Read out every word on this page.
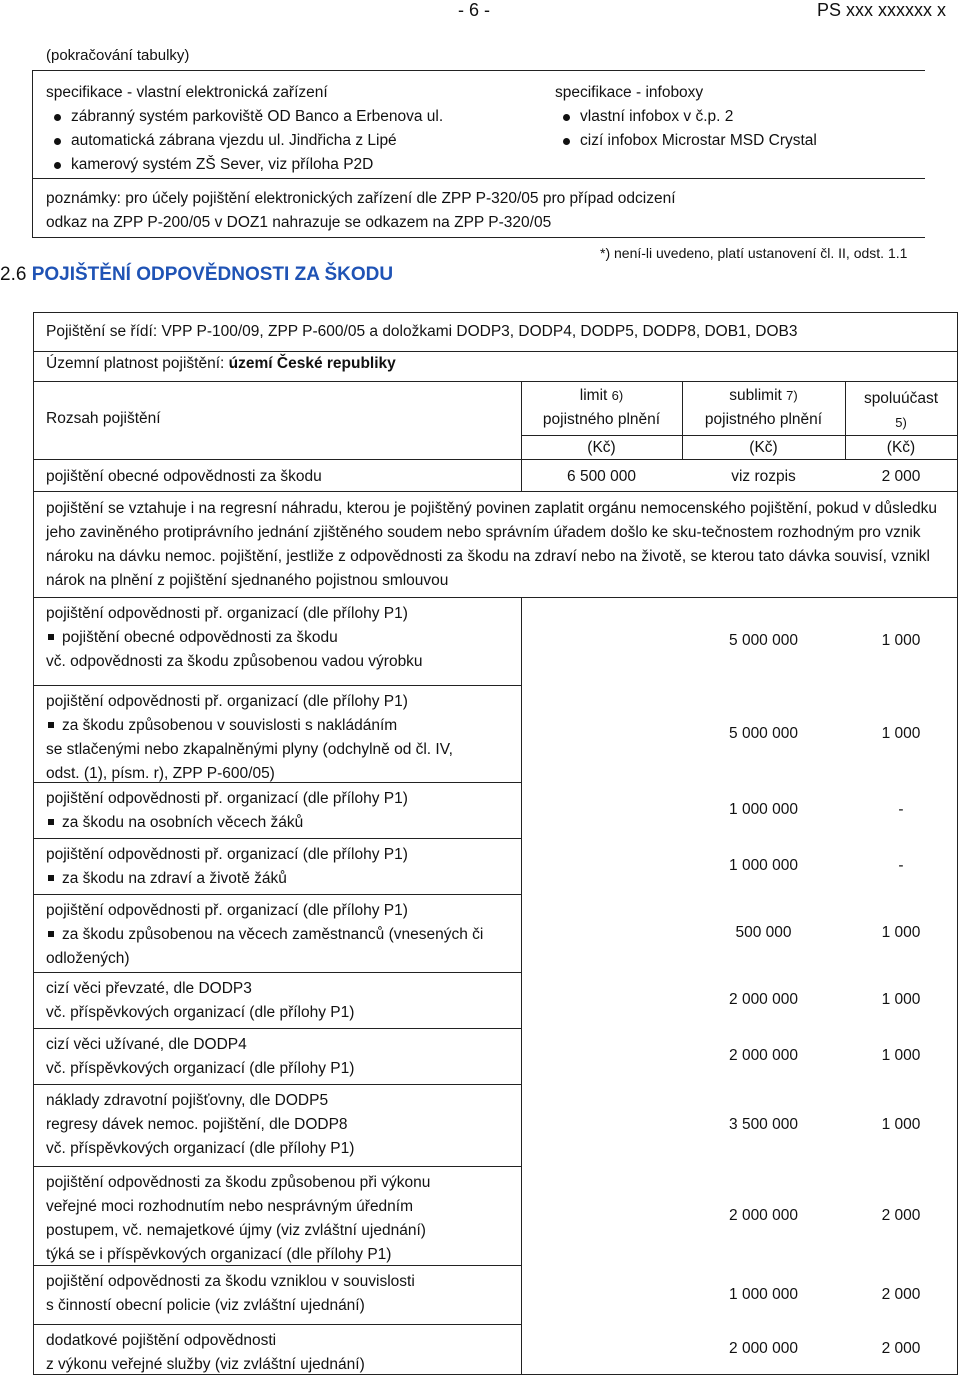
- 6 -	PS xxx xxxxxx x
(pokračování tabulky)
specifikace - vlastní elektronická zařízení
zábranný systém parkoviště OD Banco a Erbenova ul.
automatická zábrana vjezdu ul. Jindřicha z Lipé
kamerový systém ZŠ Sever, viz příloha P2D
specifikace - infoboxy
vlastní infobox v č.p. 2
cizí infobox Microstar MSD Crystal
poznámky: pro účely pojištění elektronických zařízení dle ZPP P-320/05 pro případ odcizení
odkaz na ZPP P-200/05 v DOZ1 nahrazuje se odkazem na ZPP P-320/05
*) není-li uvedeno, platí ustanovení čl. II, odst. 1.1
2.6 POJIŠTĚNÍ ODPOVĚDNOSTI ZA ŠKODU
Pojištění se řídí: VPP P-100/09, ZPP P-600/05 a doložkami DODP3, DODP4, DODP5, DODP8, DOB1, DOB3
Územní platnost pojištění: území České republiky
Rozsah pojištění
limit 6)
pojistného plnění
sublimit 7)
pojistného plnění
spoluúčast
5)
(Kč)	(Kč)	(Kč)
pojištění obecné odpovědnosti za škodu	6 500 000	viz rozpis	2 000
pojištění se vztahuje i na regresní náhradu, kterou je pojištěný povinen zaplatit orgánu nemocenského pojištění, pokud v důsledku jeho zaviněného protiprávního jednání zjištěného soudem nebo správním úřadem došlo ke sku-tečnostem rozhodným pro vznik nároku na dávku nemoc. pojištění, jestliže z odpovědnosti za škodu na zdraví nebo na životě, se kterou tato dávka souvisí, vznikl nárok na plnění z pojištění sjednaného pojistnou smlouvou
pojištění odpovědnosti př. organizací (dle přílohy P1)
pojištění obecné odpovědnosti za škodu
vč. odpovědnosti za škodu způsobenou vadou výrobku
5 000 000	1 000
pojištění odpovědnosti př. organizací (dle přílohy P1)
za škodu způsobenou v souvislosti s nakládáním
se stlačenými nebo zkapalněnými plyny (odchylně od čl. IV,
odst. (1), písm. r), ZPP P-600/05)
5 000 000	1 000
pojištění odpovědnosti př. organizací (dle přílohy P1)
za škodu na osobních věcech žáků
1 000 000	-
pojištění odpovědnosti př. organizací (dle přílohy P1)
za škodu na zdraví a životě žáků
1 000 000	-
pojištění odpovědnosti př. organizací (dle přílohy P1)
za škodu způsobenou na věcech zaměstnanců (vnesených či
odložených)
500 000	1 000
cizí věci převzaté, dle DODP3
vč. příspěvkových organizací (dle přílohy P1)
2 000 000	1 000
cizí věci užívané, dle DODP4
vč. příspěvkových organizací (dle přílohy P1)
2 000 000	1 000
náklady zdravotní pojišťovny, dle DODP5
regresy dávek nemoc. pojištění, dle DODP8
vč. příspěvkových organizací (dle přílohy P1)
3 500 000	1 000
pojištění odpovědnosti za škodu způsobenou při výkonu
veřejné moci rozhodnutím nebo nesprávným úředním
postupem, vč. nemajetkové újmy (viz zvláštní ujednání)
týká se i příspěvkových organizací (dle přílohy P1)
2 000 000	2 000
pojištění odpovědnosti za škodu vzniklou v souvislosti
s činností obecní policie (viz zvláštní ujednání)
1 000 000	2 000
dodatkové pojištění odpovědnosti
z výkonu veřejné služby (viz zvláštní ujednání)
2 000 000	2 000
